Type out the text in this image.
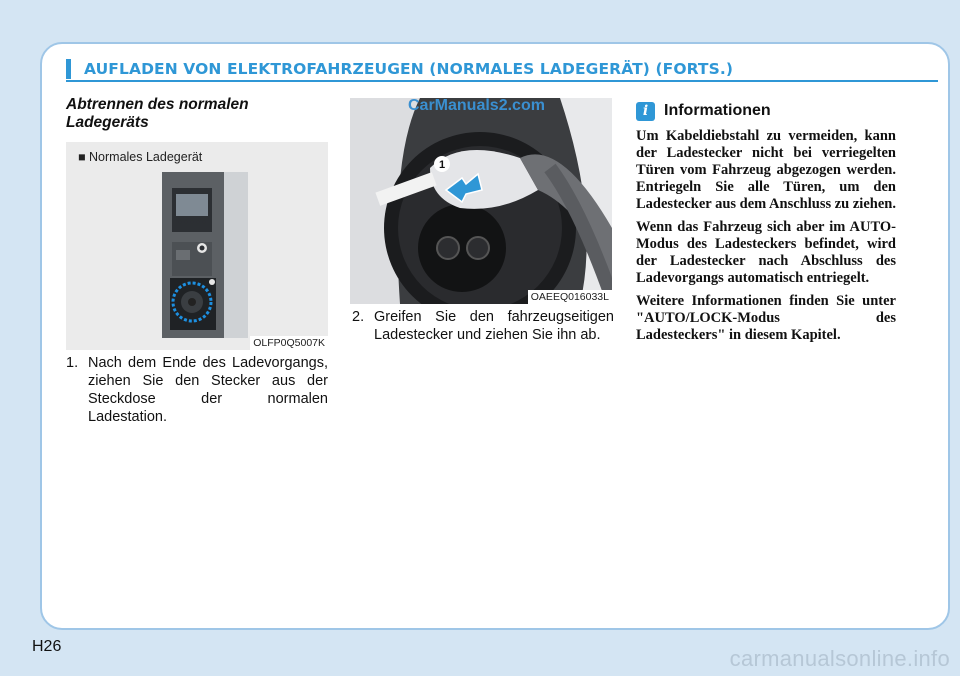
AUFLADEN VON ELEKTROFAHRZEUGEN (NORMALES LADEGERÄT) (FORTS.)
Abtrennen des normalen Ladegeräts
■ Normales Ladegerät
OLFP0Q5007K
1. Nach dem Ende des Ladevorgangs, ziehen Sie den Stecker aus der Steckdose der normalen Ladestation.
1
CarManuals2.com
OAEEQ016033L
2. Greifen Sie den fahrzeugseitigen Ladestecker und ziehen Sie ihn ab.
i Informationen

Um Kabeldiebstahl zu vermeiden, kann der Ladestecker nicht bei verriegelten Türen vom Fahrzeug abgezogen werden. Entriegeln Sie alle Türen, um den Ladestecker aus dem Anschluss zu ziehen.

Wenn das Fahrzeug sich aber im AUTO-Modus des Ladesteckers befindet, wird der Ladestecker nach Abschluss des Ladevorgangs automatisch entriegelt.

Weitere Informationen finden Sie unter "AUTO/LOCK-Modus des Ladesteckers" in diesem Kapitel.

H26	carmanualsonline.info
